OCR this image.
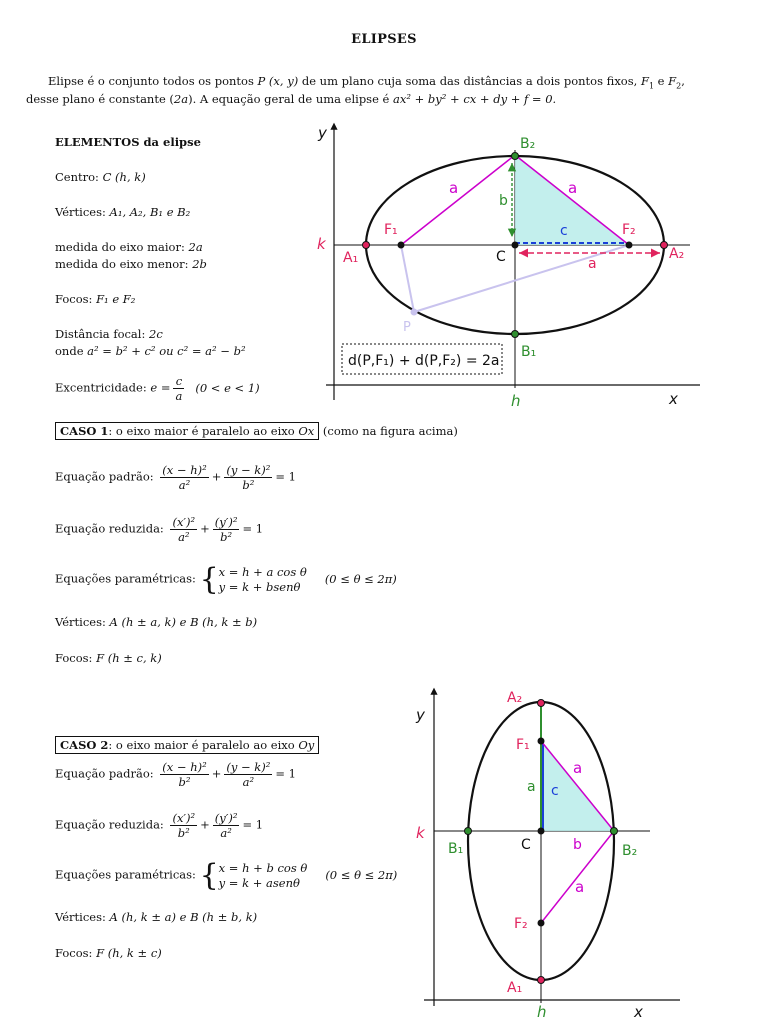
ELIPSES
Elipse é o conjunto todos os pontos P (x, y) de um plano cuja soma das distâncias a dois pontos fixos, $F_1$ e $F_2$, desse plano é constante (2a). A equação geral de uma elipse é ax² + by² + cx + dy + f = 0.
ELEMENTOS da elipse
Centro: C (h, k)
Vértices: A₁, A₂, B₁ e B₂
medida do eixo maior: 2a
medida do eixo menor: 2b
Focos: F₁ e F₂
Distância focal: 2c
onde a² = b² + c² ou c² = a² − b²
Excentricidade: $e = \frac{c}{a} (0 < e < 1)$
CASO 1: o eixo maior é paralelo ao eixo Ox (como na figura acima)
Equação padrão: $\frac{\text{(x − h)²}}{\text{a²}} + \frac{\text{(y − k)²}}{\text{b²}} = 1$
Equação reduzida: $\frac{\text{(x′)²}}{\text{a²}} + \frac{\text{(y′)²}}{\text{b²}} = 1$
Equações paramétricas: { x = h + a cos θ
y = k + bsenθ
(0 ≤ θ ≤ 2π)
Vértices: A (h ± a, k) e B (h, k ± b)
Focos: F (h ± c, k)
CASO 2: o eixo maior é paralelo ao eixo Oy
Equação padrão: $\frac{\text{(x − h)²}}{\text{b²}} + \frac{\text{(y − k)²}}{\text{a²}} = 1$
Equação reduzida: $\frac{\text{(x′)²}}{\text{b²}} + \frac{\text{(y′)²}}{\text{a²}} = 1$
Equações paramétricas: { x = h + b cos θ
y = k + asenθ
(0 ≤ θ ≤ 2π)
Vértices: A (h, k ± a) e B (h ± b, k)
Focos: F (h, k ± c)
y
x
k
h
A₁	A₂
B₂
B₁
F₁	F₂
C
P
a	a
b
c
a
d(P,F₁) + d(P,F₂) = 2a
y
x
k
h
A₂
A₁
B₁	B₂
F₁
F₂
C
a c
a
a
b
